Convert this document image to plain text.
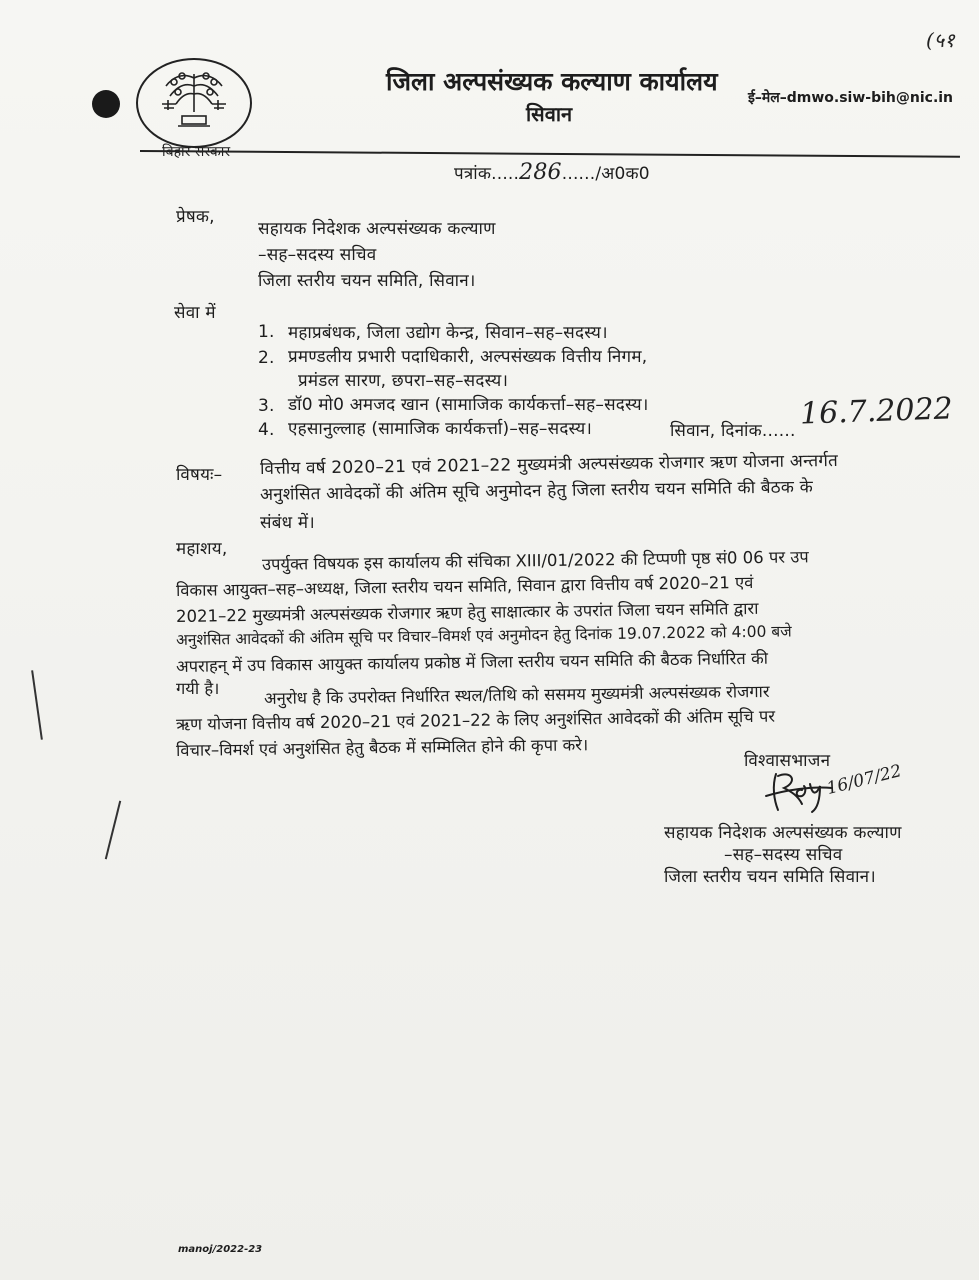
जिला अल्पसंख्यक कल्याण कार्यालय
सिवान
ई–मेल–dmwo.siw-bih@nic.in
(५१
पत्रांक.....286....../अ0क0
प्रेषक,
सहायक निदेशक अल्पसंख्यक कल्याण
–सह–सदस्य सचिव
जिला स्तरीय चयन समिति, सिवान।
सेवा में
1. महाप्रबंधक, जिला उद्योग केन्द्र, सिवान–सह–सदस्य।
2. प्रमण्डलीय प्रभारी पदाधिकारी, अल्पसंख्यक वित्तीय निगम,
प्रमंडल सारण, छपरा–सह–सदस्य।
3. डॉ0 मो0 अमजद खान (सामाजिक कार्यकर्त्ता–सह–सदस्य।
4. एहसानुल्लाह (सामाजिक कार्यकर्त्ता)–सह–सदस्य।	सिवान, दिनांक...... 16.7.2022
विषयः– वित्तीय वर्ष 2020–21 एवं 2021–22 मुख्यमंत्री अल्पसंख्यक रोजगार ऋण योजना अन्तर्गत
अनुशंसित आवेदकों की अंतिम सूचि अनुमोदन हेतु जिला स्तरीय चयन समिति की बैठक के
संबंध में।
महाशय, उपर्युक्त विषयक इस कार्यालय की संचिका XIII/01/2022 की टिप्पणी पृष्ठ सं0 06 पर उप
विकास आयुक्त–सह–अध्यक्ष, जिला स्तरीय चयन समिति, सिवान द्वारा वित्तीय वर्ष 2020–21 एवं
2021–22 मुख्यमंत्री अल्पसंख्यक रोजगार ऋण हेतु साक्षात्कार के उपरांत जिला चयन समिति द्वारा
अनुशंसित आवेदकों की अंतिम सूचि पर विचार–विमर्श एवं अनुमोदन हेतु दिनांक 19.07.2022 को 4:00 बजे
अपराहन् में उप विकास आयुक्त कार्यालय प्रकोष्ठ में जिला स्तरीय चयन समिति की बैठक निर्धारित की
गयी है।	अनुरोध है कि उपरोक्त निर्धारित स्थल/तिथि को ससमय मुख्यमंत्री अल्पसंख्यक रोजगार
ऋण योजना वित्तीय वर्ष 2020–21 एवं 2021–22 के लिए अनुशंसित आवेदकों की अंतिम सूचि पर
विचार–विमर्श एवं अनुशंसित हेतु बैठक में सम्मिलित होने की कृपा करे।
विश्वासभाजन
16/07/22
सहायक निदेशक अल्पसंख्यक कल्याण
–सह–सदस्य सचिव
जिला स्तरीय चयन समिति सिवान।
manoj/2022-23
